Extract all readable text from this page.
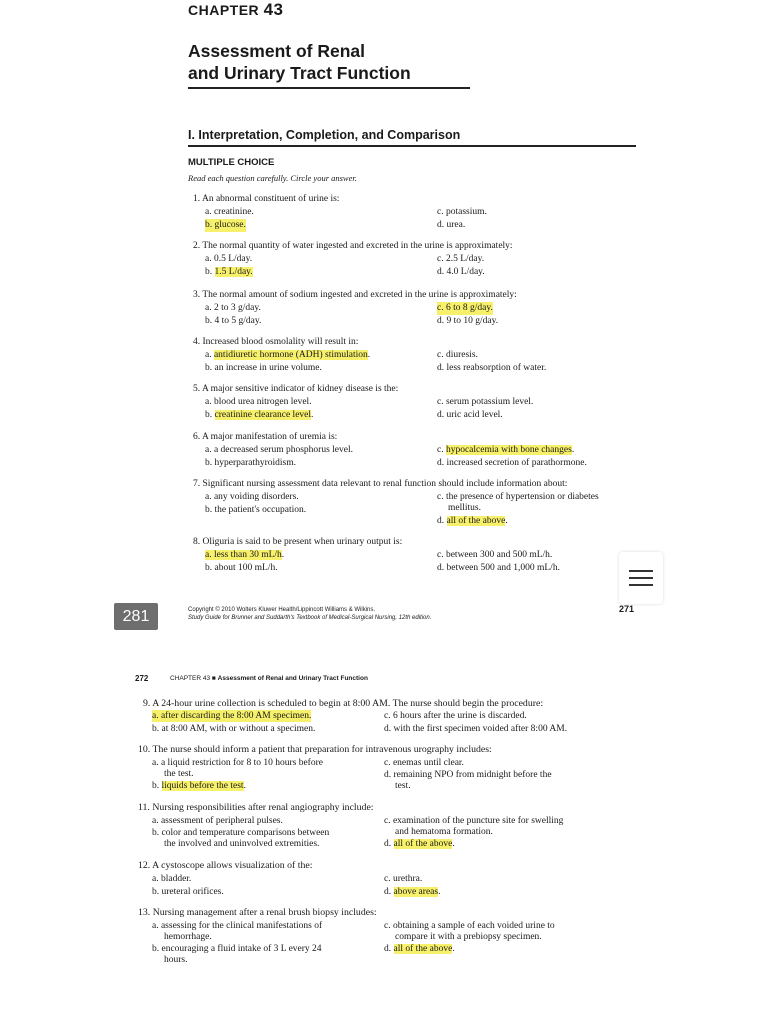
CHAPTER 43
Assessment of Renal
and Urinary Tract Function
I. Interpretation, Completion, and Comparison
MULTIPLE CHOICE
Read each question carefully. Circle your answer.
1. An abnormal constituent of urine is:
a. creatinine.
b. glucose.
c. potassium.
d. urea.
2. The normal quantity of water ingested and excreted in the urine is approximately:
a. 0.5 L/day.
b. 1.5 L/day.
c. 2.5 L/day.
d. 4.0 L/day.
3. The normal amount of sodium ingested and excreted in the urine is approximately:
a. 2 to 3 g/day.
b. 4 to 5 g/day.
c. 6 to 8 g/day.
d. 9 to 10 g/day.
4. Increased blood osmolality will result in:
a. antidiuretic hormone (ADH) stimulation.
b. an increase in urine volume.
c. diuresis.
d. less reabsorption of water.
5. A major sensitive indicator of kidney disease is the:
a. blood urea nitrogen level.
b. creatinine clearance level.
c. serum potassium level.
d. uric acid level.
6. A major manifestation of uremia is:
a. a decreased serum phosphorus level.
b. hyperparathyroidism.
c. hypocalcemia with bone changes.
d. increased secretion of parathormone.
7. Significant nursing assessment data relevant to renal function should include information about:
a. any voiding disorders.
b. the patient's occupation.
c. the presence of hypertension or diabetes
mellitus.
d. all of the above.
8. Oliguria is said to be present when urinary output is:
a. less than 30 mL/h.
b. about 100 mL/h.
c. between 300 and 500 mL/h.
d. between 500 and 1,000 mL/h.
281	Copyright © 2010 Wolters Kluwer Health/Lippincott Williams & Wilkins.
Study Guide for Brunner and Suddarth's Textbook of Medical-Surgical Nursing, 12th edition.
271
272	CHAPTER 43 ■ Assessment of Renal and Urinary Tract Function
9. A 24-hour urine collection is scheduled to begin at 8:00 AM. The nurse should begin the procedure:
a. after discarding the 8:00 AM specimen.
b. at 8:00 AM, with or without a specimen.
c. 6 hours after the urine is discarded.
d. with the first specimen voided after 8:00 AM.
10. The nurse should inform a patient that preparation for intravenous urography includes:
a. a liquid restriction for 8 to 10 hours before
the test.
b. liquids before the test.
c. enemas until clear.
d. remaining NPO from midnight before the
test.
11. Nursing responsibilities after renal angiography include:
a. assessment of peripheral pulses.
b. color and temperature comparisons between
the involved and uninvolved extremities.
c. examination of the puncture site for swelling
and hematoma formation.
d. all of the above.
12. A cystoscope allows visualization of the:
a. bladder.
b. ureteral orifices.
c. urethra.
d. above areas.
13. Nursing management after a renal brush biopsy includes:
a. assessing for the clinical manifestations of
hemorrhage.
b. encouraging a fluid intake of 3 L every 24
hours.
c. obtaining a sample of each voided urine to
compare it with a prebiopsy specimen.
d. all of the above.
